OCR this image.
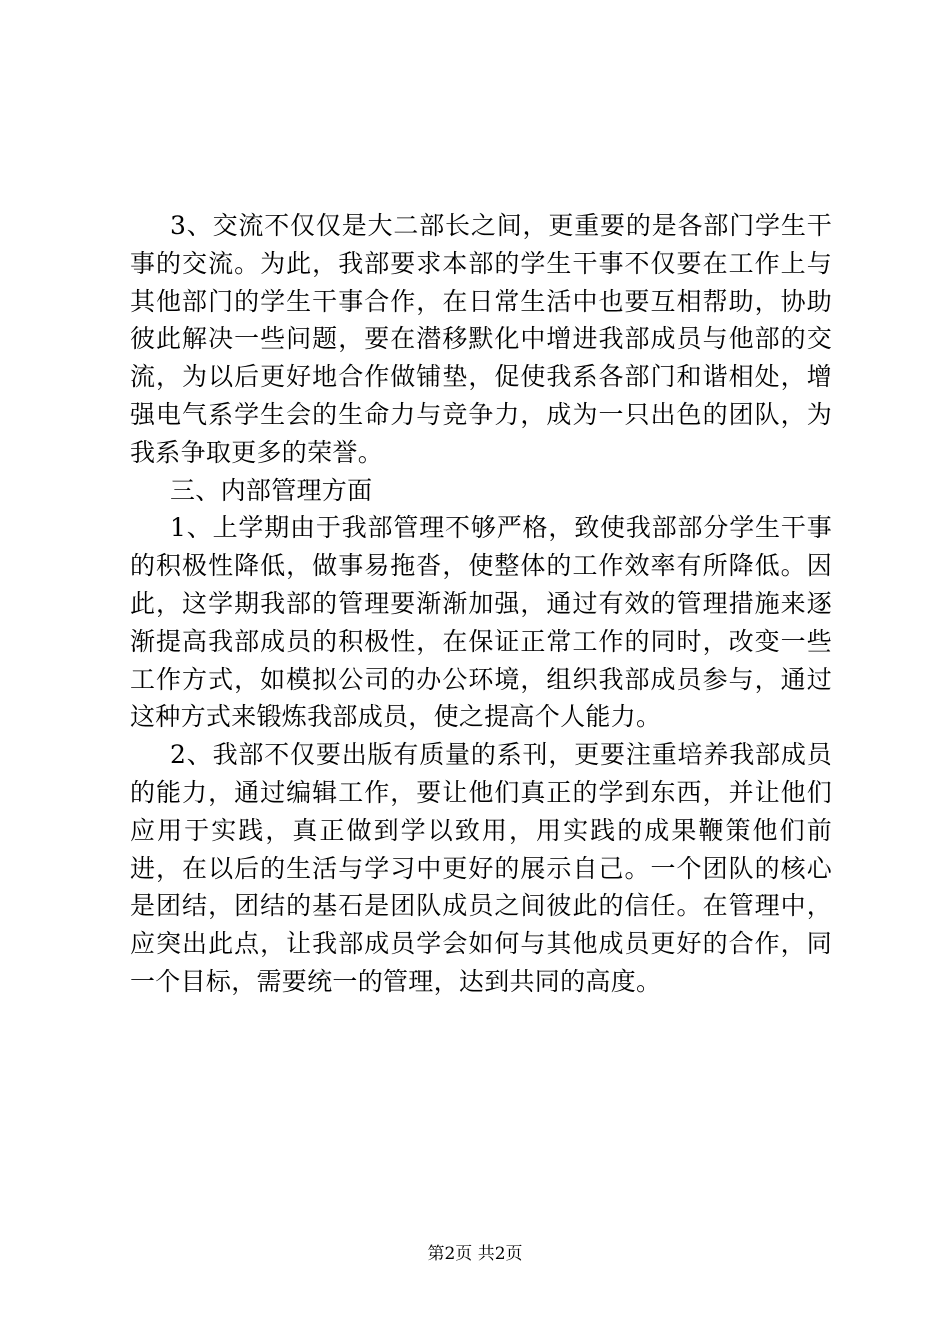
3、交流不仅仅是大二部长之间，更重要的是各部门学生干事的交流。为此，我部要求本部的学生干事不仅要在工作上与其他部门的学生干事合作，在日常生活中也要互相帮助，协助彼此解决一些问题，要在潜移默化中增进我部成员与他部的交流，为以后更好地合作做铺垫，促使我系各部门和谐相处，增强电气系学生会的生命力与竞争力，成为一只出色的团队，为我系争取更多的荣誉。

三、内部管理方面

1、上学期由于我部管理不够严格，致使我部部分学生干事的积极性降低，做事易拖沓，使整体的工作效率有所降低。因此，这学期我部的管理要渐渐加强，通过有效的管理措施来逐渐提高我部成员的积极性，在保证正常工作的同时，改变一些工作方式，如模拟公司的办公环境，组织我部成员参与，通过这种方式来锻炼我部成员，使之提高个人能力。

2、我部不仅要出版有质量的系刊，更要注重培养我部成员的能力，通过编辑工作，要让他们真正的学到东西，并让他们应用于实践，真正做到学以致用，用实践的成果鞭策他们前进，在以后的生活与学习中更好的展示自己。一个团队的核心是团结，团结的基石是团队成员之间彼此的信任。在管理中，应突出此点，让我部成员学会如何与其他成员更好的合作，同一个目标，需要统一的管理，达到共同的高度。

第2页 共2页
